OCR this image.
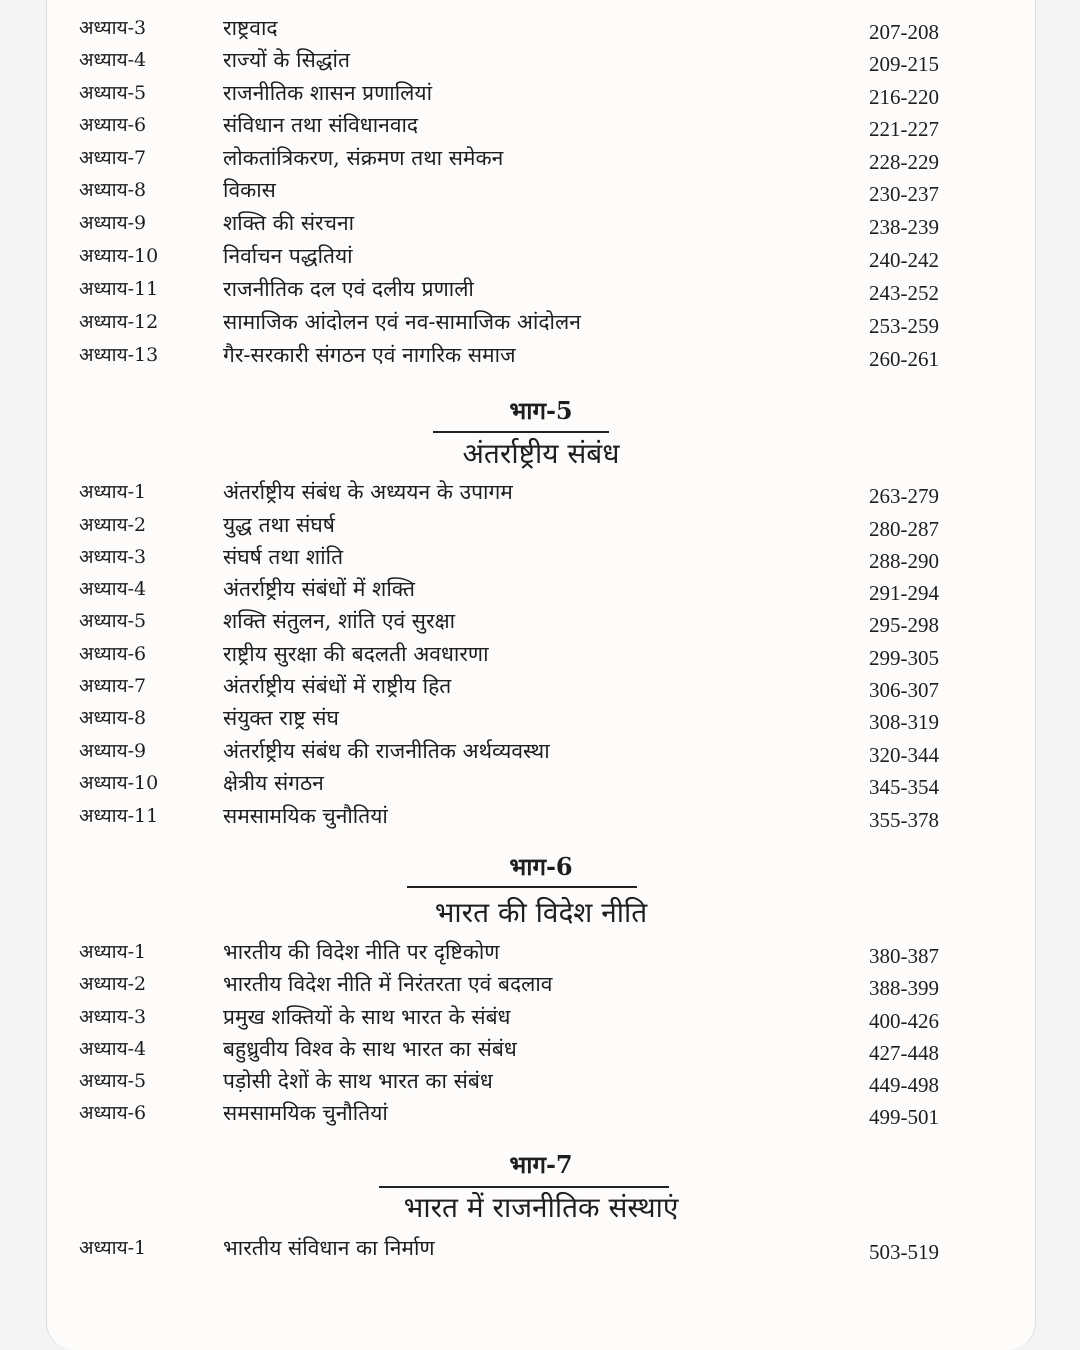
अध्याय-3	राष्ट्रवाद	207-208
अध्याय-4	राज्यों के सिद्धांत	209-215
अध्याय-5	राजनीतिक शासन प्रणालियां	216-220
अध्याय-6	संविधान तथा संविधानवाद	221-227
अध्याय-7	लोकतांत्रिकरण, संक्रमण तथा समेकन	228-229
अध्याय-8	विकास	230-237
अध्याय-9	शक्ति की संरचना	238-239
अध्याय-10	निर्वाचन पद्धतियां	240-242
अध्याय-11	राजनीतिक दल एवं दलीय प्रणाली	243-252
अध्याय-12	सामाजिक आंदोलन एवं नव-सामाजिक आंदोलन	253-259
अध्याय-13	गैर-सरकारी संगठन एवं नागरिक समाज	260-261
भाग-5
अंतर्राष्ट्रीय संबंध
अध्याय-1	अंतर्राष्ट्रीय संबंध के अध्ययन के उपागम	263-279
अध्याय-2	युद्ध तथा संघर्ष	280-287
अध्याय-3	संघर्ष तथा शांति	288-290
अध्याय-4	अंतर्राष्ट्रीय संबंधों में शक्ति	291-294
अध्याय-5	शक्ति संतुलन, शांति एवं सुरक्षा	295-298
अध्याय-6	राष्ट्रीय सुरक्षा की बदलती अवधारणा	299-305
अध्याय-7	अंतर्राष्ट्रीय संबंधों में राष्ट्रीय हित	306-307
अध्याय-8	संयुक्त राष्ट्र संघ	308-319
अध्याय-9	अंतर्राष्ट्रीय संबंध की राजनीतिक अर्थव्यवस्था	320-344
अध्याय-10	क्षेत्रीय संगठन	345-354
अध्याय-11	समसामयिक चुनौतियां	355-378
भाग-6
भारत की विदेश नीति
अध्याय-1	भारतीय की विदेश नीति पर दृष्टिकोण	380-387
अध्याय-2	भारतीय विदेश नीति में निरंतरता एवं बदलाव	388-399
अध्याय-3	प्रमुख शक्तियों के साथ भारत के संबंध	400-426
अध्याय-4	बहुध्रुवीय विश्व के साथ भारत का संबंध	427-448
अध्याय-5	पड़ोसी देशों के साथ भारत का संबंध	449-498
अध्याय-6	समसामयिक चुनौतियां	499-501
भाग-7
भारत में राजनीतिक संस्थाएं
अध्याय-1	भारतीय संविधान का निर्माण	503-519
